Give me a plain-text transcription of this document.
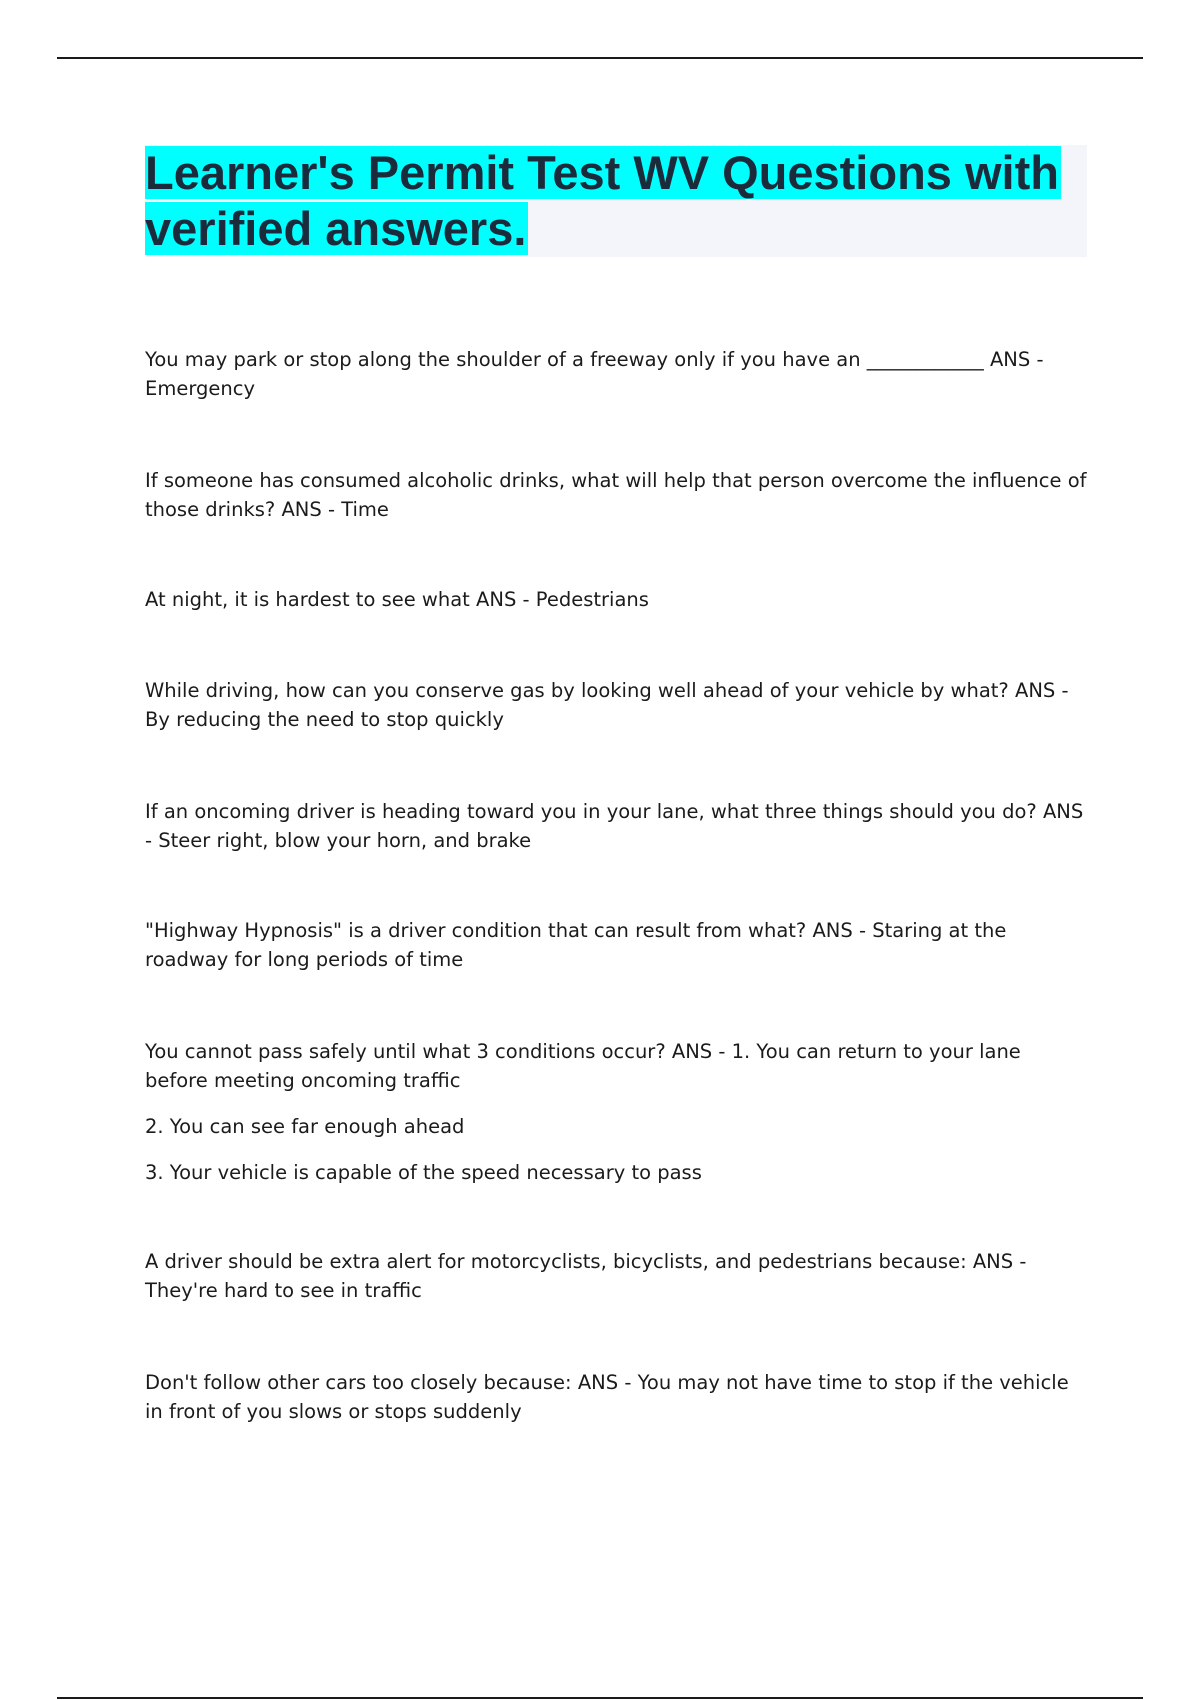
Learner's Permit Test WV Questions with verified answers.

You may park or stop along the shoulder of a freeway only if you have an ____________ ANS - Emergency

If someone has consumed alcoholic drinks, what will help that person overcome the influence of those drinks? ANS - Time

At night, it is hardest to see what ANS - Pedestrians

While driving, how can you conserve gas by looking well ahead of your vehicle by what? ANS - By reducing the need to stop quickly

If an oncoming driver is heading toward you in your lane, what three things should you do? ANS - Steer right, blow your horn, and brake

"Highway Hypnosis" is a driver condition that can result from what? ANS - Staring at the roadway for long periods of time

You cannot pass safely until what 3 conditions occur? ANS - 1. You can return to your lane before meeting oncoming traffic

2. You can see far enough ahead

3. Your vehicle is capable of the speed necessary to pass

A driver should be extra alert for motorcyclists, bicyclists, and pedestrians because: ANS - They're hard to see in traffic

Don't follow other cars too closely because: ANS - You may not have time to stop if the vehicle in front of you slows or stops suddenly
